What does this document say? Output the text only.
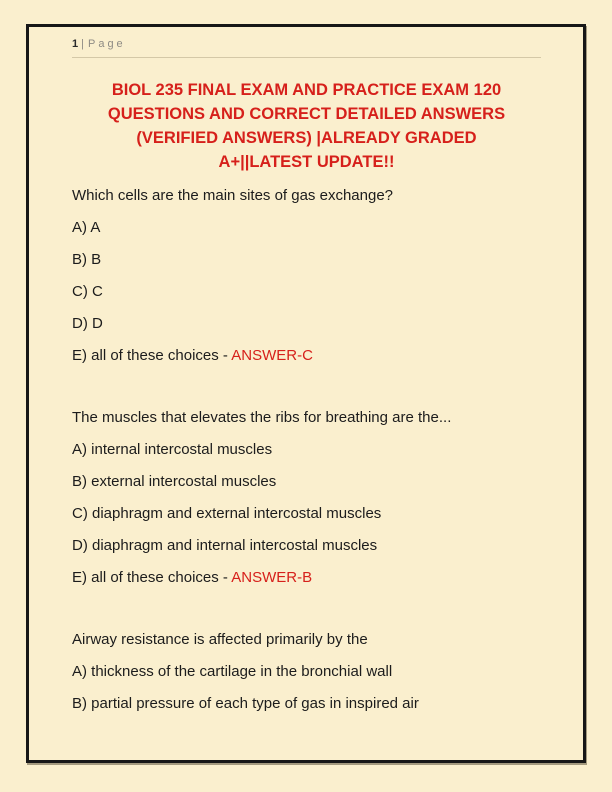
1 | Page
BIOL 235 FINAL EXAM AND PRACTICE EXAM 120
QUESTIONS AND CORRECT DETAILED ANSWERS
(VERIFIED ANSWERS) |ALREADY GRADED
A+||LATEST UPDATE!!

Which cells are the main sites of gas exchange?

A) A

B) B

C) C

D) D

E) all of these choices - ANSWER-C

The muscles that elevates the ribs for breathing are the...

A) internal intercostal muscles

B) external intercostal muscles

C) diaphragm and external intercostal muscles

D) diaphragm and internal intercostal muscles

E) all of these choices - ANSWER-B

Airway resistance is affected primarily by the

A) thickness of the cartilage in the bronchial wall

B) partial pressure of each type of gas in inspired air
